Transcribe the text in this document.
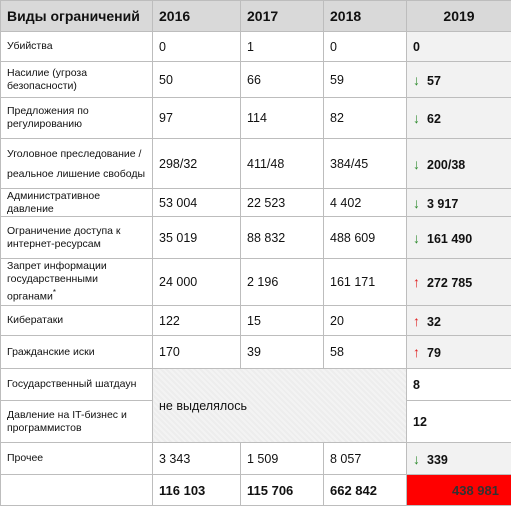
Виды ограничений	2016	2017	2018	2019
Убийства	0	1	0	0
Насилие (угроза безопасности)	50	66	59	↓ 57
Предложения по регулированию	97	114	82	↓ 62
Уголовное преследование / реальное лишение свободы	298/32	411/48	384/45	↓ 200/38
Административное давление	53 004	22 523	4 402	↓ 3 917
Ограничение доступа к интернет-ресурсам	35 019	88 832	488 609	↓ 161 490
Запрет информации государственными органами*	24 000	2 196	161 171	↑ 272 785
Кибератаки	122	15	20	↑ 32
Гражданские иски	170	39	58	↑ 79
Государственный шатдаун	не выделялось			8
Давление на IT-бизнес и программистов				12
Прочее	3 343	1 509	8 057	↓ 339
	116 103	115 706	662 842	438 981
